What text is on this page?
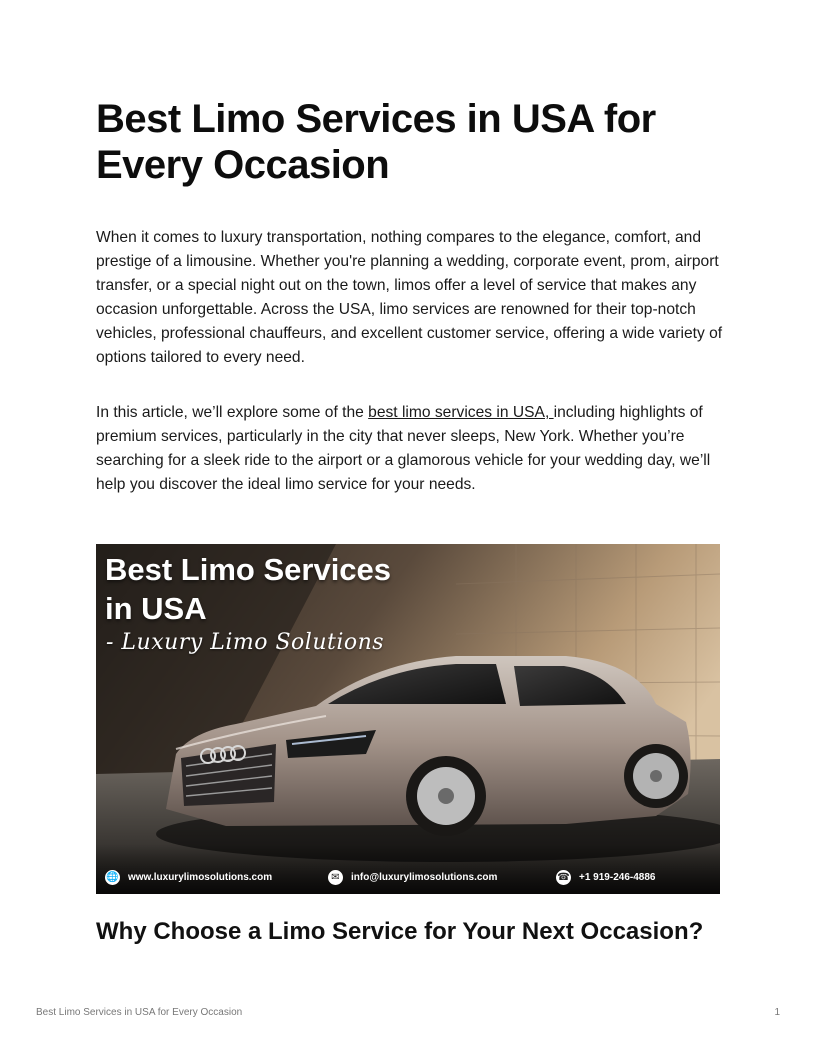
Best Limo Services in USA for Every Occasion

When it comes to luxury transportation, nothing compares to the elegance, comfort, and prestige of a limousine. Whether you're planning a wedding, corporate event, prom, airport transfer, or a special night out on the town, limos offer a level of service that makes any occasion unforgettable. Across the USA, limo services are renowned for their top-notch vehicles, professional chauffeurs, and excellent customer service, offering a wide variety of options tailored to every need.

In this article, we’ll explore some of the best limo services in USA, including highlights of premium services, particularly in the city that never sleeps, New York. Whether you’re searching for a sleek ride to the airport or a glamorous vehicle for your wedding day, we’ll help you discover the ideal limo service for your needs.

Best Limo Services
in USA
- Luxury Limo Solutions
🌐 www.luxurylimosolutions.com	✉	info@luxurylimosolutions.com	☎ +1 919-246-4886
Why Choose a Limo Service for Your Next Occasion?
Best Limo Services in USA for Every Occasion	1
